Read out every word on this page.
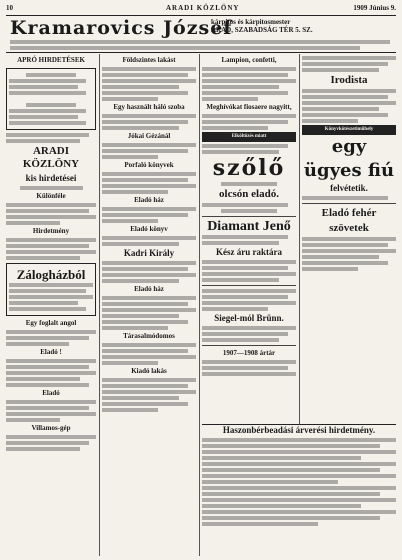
10	ARADI KÖZLÖNY	1909 Június 9.
Kramarovics József
kárpitos és kárpitosmester
ARAD, SZABADSÁG TÉR 5. SZ.
APRÓ HIRDETÉSEK
ARADI KÖZLÖNY
kis hirdetései
Különféle
Hirdetmény
Zálogházból
Egy foglalt angol
Eladó !
Eladó
Villamos-gép
Földszintes lakást
Egy használt háló szoba
Jókai Gézánál
Porfaló könyvek
Eladó ház
Eladó könyv
Kadri Király
Eladó ház
Tárasalmódomos
Kiadó lakás
Lampion, confetti,
Meghívókat fiosaere nagyitt,
Elköltözés miatt
szőlő
olcsón eladó.
Diamant Jenő
Kész áru raktára
Siegel-mól Brünn.
1907—1908 ártár
Irodista
Könyvkötészetiműhely
egy ügyes fiú
felvétetik.
Eladó fehér
szövetek
Haszonbérbeadási árverési hirdetmény.
